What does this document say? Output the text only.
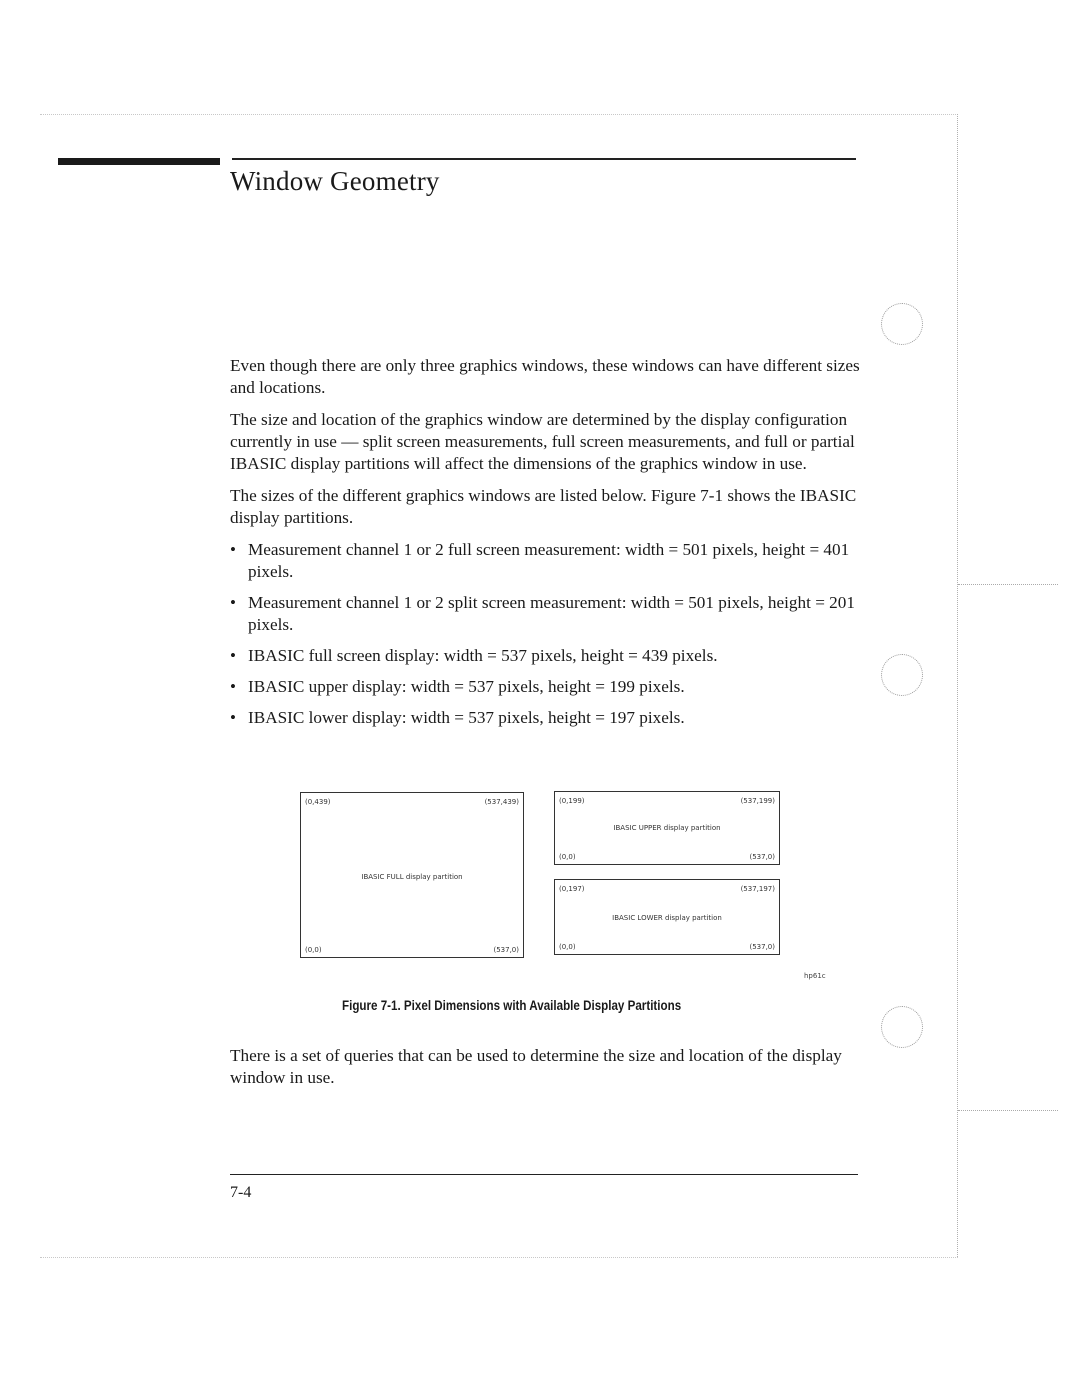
Window Geometry

Even though there are only three graphics windows, these windows can have different sizes and locations.

The size and location of the graphics window are determined by the display configuration currently in use — split screen measurements, full screen measurements, and full or partial IBASIC display partitions will affect the dimensions of the graphics window in use.

The sizes of the different graphics windows are listed below. Figure 7-1 shows the IBASIC display partitions.

• Measurement channel 1 or 2 full screen measurement: width = 501 pixels, height = 401 pixels.
• Measurement channel 1 or 2 split screen measurement: width = 501 pixels, height = 201 pixels.
• IBASIC full screen display: width = 537 pixels, height = 439 pixels.
• IBASIC upper display: width = 537 pixels, height = 199 pixels.
• IBASIC lower display: width = 537 pixels, height = 197 pixels.
(0,439)	(537,439)
IBASIC FULL display partition
(0,0)	(537,0)
(0,199)	(537,199)
IBASIC UPPER display partition
(0,0)	(537,0)
(0,197)	(537,197)
IBASIC LOWER display partition
(0,0)	(537,0)
hp61c
Figure 7-1. Pixel Dimensions with Available Display Partitions

There is a set of queries that can be used to determine the size and location of the display window in use.

7-4
